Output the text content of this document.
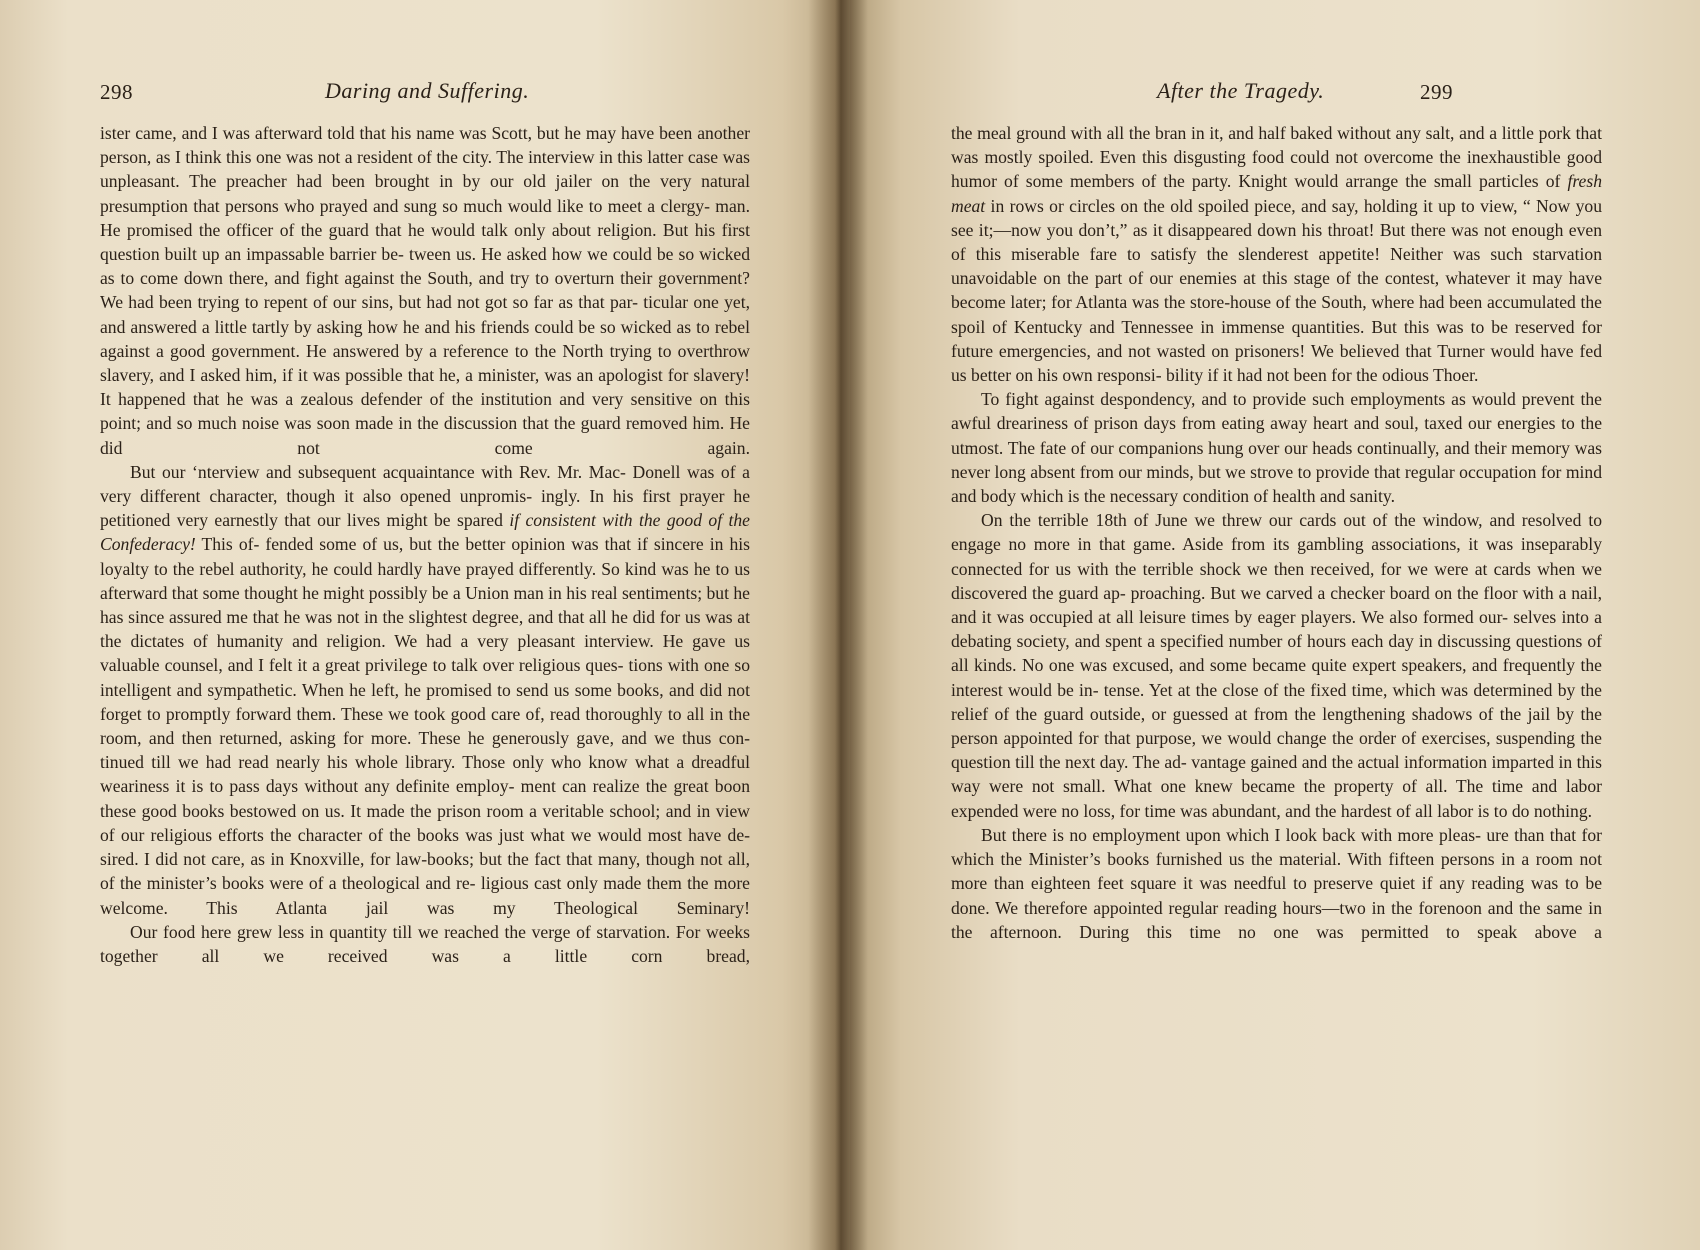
298	Daring and Suffering.

ister came, and I was afterward told that his name was Scott, but he may have been another person, as I think this one was not a resident of the city. The interview in this latter case was unpleasant. The preacher had been brought in by our old jailer on the very natural presumption that persons who prayed and sung so much would like to meet a clergy- man. He promised the officer of the guard that he would talk only about religion. But his first question built up an impassable barrier be- tween us. He asked how we could be so wicked as to come down there, and fight against the South, and try to overturn their government? We had been trying to repent of our sins, but had not got so far as that par- ticular one yet, and answered a little tartly by asking how he and his friends could be so wicked as to rebel against a good government. He answered by a reference to the North trying to overthrow slavery, and I asked him, if it was possible that he, a minister, was an apologist for slavery! It happened that he was a zealous defender of the institution and very sensitive on this point; and so much noise was soon made in the discussion that the guard removed him. He did not come again.

But our ‘nterview and subsequent acquaintance with Rev. Mr. Mac- Donell was of a very different character, though it also opened unpromis- ingly. In his first prayer he petitioned very earnestly that our lives might be spared if consistent with the good of the Confederacy! This of- fended some of us, but the better opinion was that if sincere in his loyalty to the rebel authority, he could hardly have prayed differently. So kind was he to us afterward that some thought he might possibly be a Union man in his real sentiments; but he has since assured me that he was not in the slightest degree, and that all he did for us was at the dictates of humanity and religion. We had a very pleasant interview. He gave us valuable counsel, and I felt it a great privilege to talk over religious ques- tions with one so intelligent and sympathetic. When he left, he promised to send us some books, and did not forget to promptly forward them. These we took good care of, read thoroughly to all in the room, and then returned, asking for more. These he generously gave, and we thus con- tinued till we had read nearly his whole library. Those only who know what a dreadful weariness it is to pass days without any definite employ- ment can realize the great boon these good books bestowed on us. It made the prison room a veritable school; and in view of our religious efforts the character of the books was just what we would most have de- sired. I did not care, as in Knoxville, for law-books; but the fact that many, though not all, of the minister’s books were of a theological and re- ligious cast only made them the more welcome. This Atlanta jail was my Theological Seminary!

Our food here grew less in quantity till we reached the verge of starvation. For weeks together all we received was a little corn bread,

After the Tragedy.	299

the meal ground with all the bran in it, and half baked without any salt, and a little pork that was mostly spoiled. Even this disgusting food could not overcome the inexhaustible good humor of some members of the party. Knight would arrange the small particles of fresh meat in rows or circles on the old spoiled piece, and say, holding it up to view, “ Now you see it;—now you don’t,” as it disappeared down his throat! But there was not enough even of this miserable fare to satisfy the slenderest appetite! Neither was such starvation unavoidable on the part of our enemies at this stage of the contest, whatever it may have become later; for Atlanta was the store-house of the South, where had been accumulated the spoil of Kentucky and Tennessee in immense quantities. But this was to be reserved for future emergencies, and not wasted on prisoners! We believed that Turner would have fed us better on his own responsi- bility if it had not been for the odious Thoer.

To fight against despondency, and to provide such employments as would prevent the awful dreariness of prison days from eating away heart and soul, taxed our energies to the utmost. The fate of our companions hung over our heads continually, and their memory was never long absent from our minds, but we strove to provide that regular occupation for mind and body which is the necessary condition of health and sanity.

On the terrible 18th of June we threw our cards out of the window, and resolved to engage no more in that game. Aside from its gambling associations, it was inseparably connected for us with the terrible shock we then received, for we were at cards when we discovered the guard ap- proaching. But we carved a checker board on the floor with a nail, and it was occupied at all leisure times by eager players. We also formed our- selves into a debating society, and spent a specified number of hours each day in discussing questions of all kinds. No one was excused, and some became quite expert speakers, and frequently the interest would be in- tense. Yet at the close of the fixed time, which was determined by the relief of the guard outside, or guessed at from the lengthening shadows of the jail by the person appointed for that purpose, we would change the order of exercises, suspending the question till the next day. The ad- vantage gained and the actual information imparted in this way were not small. What one knew became the property of all. The time and labor expended were no loss, for time was abundant, and the hardest of all labor is to do nothing.

But there is no employment upon which I look back with more pleas- ure than that for which the Minister’s books furnished us the material. With fifteen persons in a room not more than eighteen feet square it was needful to preserve quiet if any reading was to be done. We therefore appointed regular reading hours—two in the forenoon and the same in the afternoon. During this time no one was permitted to speak above a
